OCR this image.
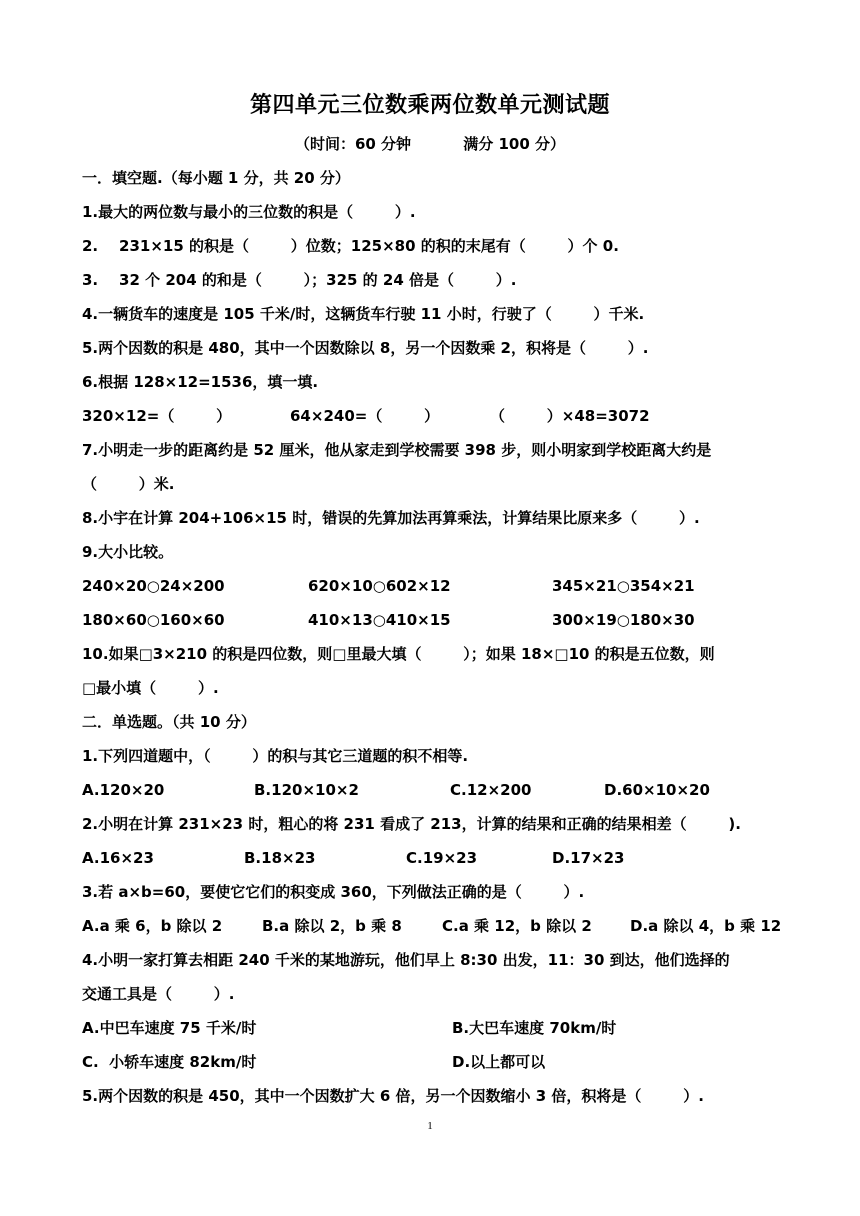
第四单元三位数乘两位数单元测试题
（时间：60 分钟          满分 100 分）
一．填空题.（每小题 1 分，共 20 分）
1.最大的两位数与最小的三位数的积是（        ）.
2.    231×15 的积是（        ）位数；125×80 的积的末尾有（        ）个 0.
3.    32 个 204 的和是（        ）；325 的 24 倍是（        ）.
4.一辆货车的速度是 105 千米/时，这辆货车行驶 11 小时，行驶了（        ）千米.
5.两个因数的积是 480，其中一个因数除以 8，另一个因数乘 2，积将是（        ）.
6.根据 128×12=1536，填一填.
320×12=（        ）	64×240=（        ）	（        ）×48=3072
7.小明走一步的距离约是 52 厘米，他从家走到学校需要 398 步，则小明家到学校距离大约是
（        ）米.
8.小宇在计算 204+106×15 时，错误的先算加法再算乘法，计算结果比原来多（        ）.
9.大小比较。
240×20○24×200	620×10○602×12	345×21○354×21
180×60○160×60	410×13○410×15	300×19○180×30
10.如果□3×210 的积是四位数，则□里最大填（        ）；如果 18×□10 的积是五位数，则
□最小填（        ）.
二．单选题。（共 10 分）
1.下列四道题中，（        ）的积与其它三道题的积不相等.
A.120×20	B.120×10×2	C.12×200	D.60×10×20
2.小明在计算 231×23 时，粗心的将 231 看成了 213，计算的结果和正确的结果相差（        ).
A.16×23	B.18×23	C.19×23	D.17×23
3.若 a×b=60，要使它它们的积变成 360，下列做法正确的是（        ）.
A.a 乘 6，b 除以 2	B.a 除以 2，b 乘 8	C.a 乘 12，b 除以 2	D.a 除以 4，b 乘 12
4.小明一家打算去相距 240 千米的某地游玩，他们早上 8:30 出发，11：30 到达，他们选择的
交通工具是（        ）.
A.中巴车速度 75 千米/时	B.大巴车速度 70km/时
C.  小轿车速度 82km/时	D.以上都可以
5.两个因数的积是 450，其中一个因数扩大 6 倍，另一个因数缩小 3 倍，积将是（        ）.
1
